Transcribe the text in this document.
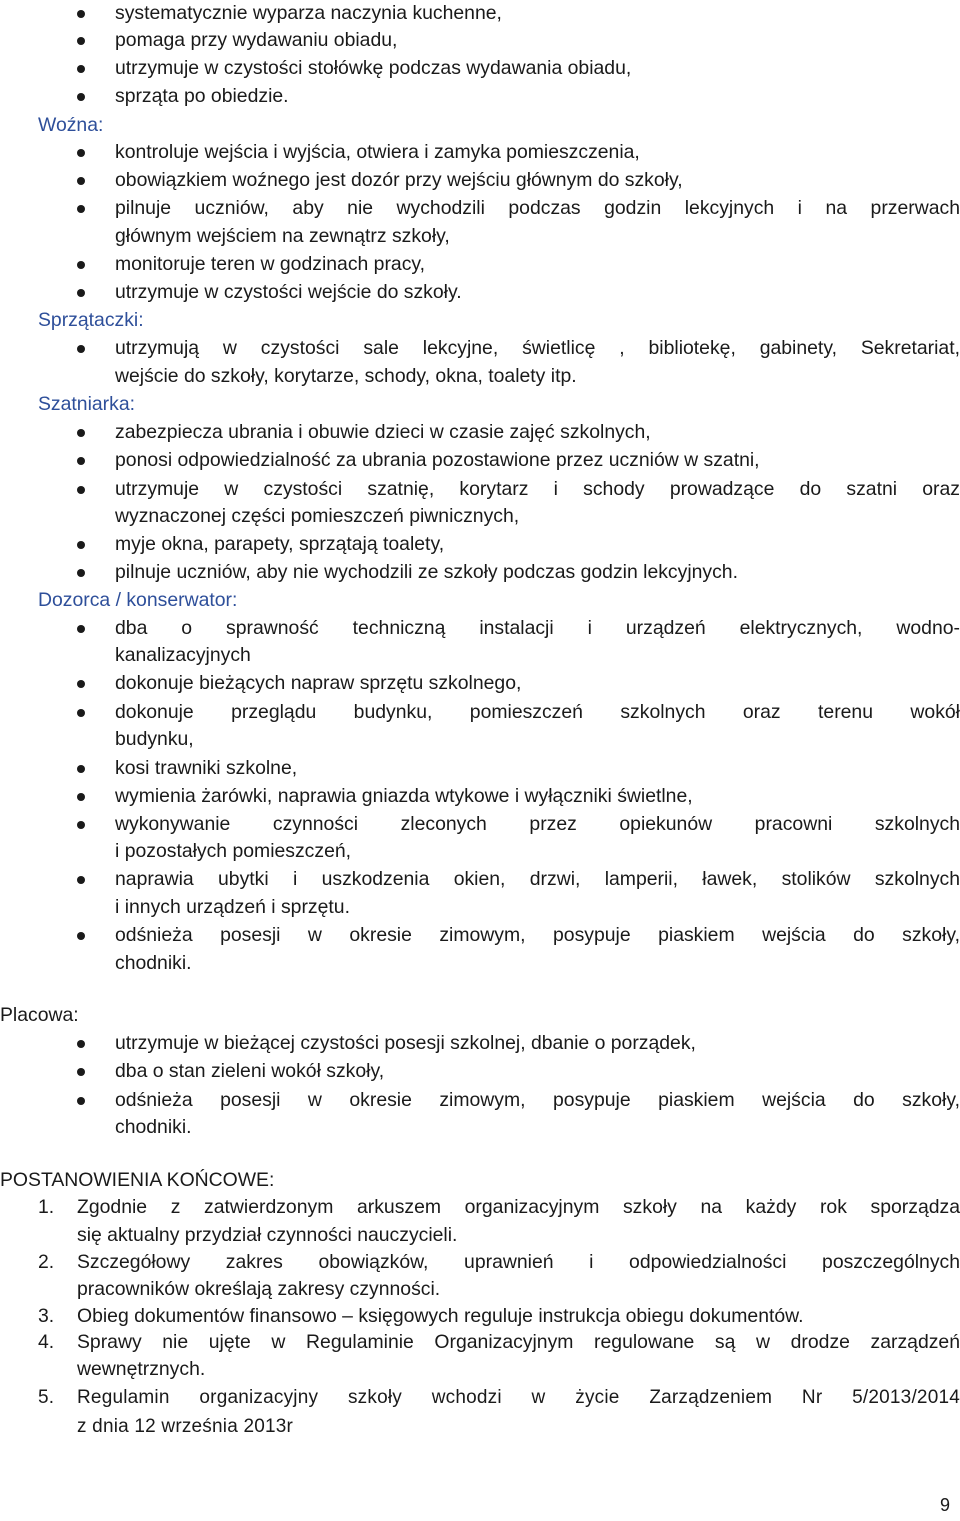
systematycznie wyparza naczynia kuchenne,
pomaga przy wydawaniu obiadu,
utrzymuje w czystości stołówkę podczas wydawania obiadu,
sprząta po obiedzie.
Woźna:
kontroluje wejścia i wyjścia, otwiera i zamyka pomieszczenia,
obowiązkiem woźnego jest dozór przy wejściu głównym do szkoły,
pilnuje uczniów, aby nie wychodzili podczas godzin lekcyjnych i na przerwach
głównym wejściem na zewnątrz szkoły,
monitoruje teren w godzinach pracy,
utrzymuje w czystości wejście do szkoły.
Sprzątaczki:
utrzymują w czystości sale lekcyjne, świetlicę , bibliotekę, gabinety, Sekretariat,
wejście do szkoły, korytarze, schody, okna, toalety itp.
Szatniarka:
zabezpiecza ubrania i obuwie dzieci w czasie zajęć szkolnych,
ponosi odpowiedzialność za ubrania pozostawione przez uczniów w szatni,
utrzymuje w czystości szatnię, korytarz i schody prowadzące do szatni oraz
wyznaczonej części pomieszczeń piwnicznych,
myje okna, parapety, sprzątają toalety,
pilnuje uczniów, aby nie wychodzili ze szkoły podczas godzin lekcyjnych.
Dozorca / konserwator:
dba o sprawność techniczną instalacji i urządzeń elektrycznych, wodno-
kanalizacyjnych
dokonuje bieżących napraw sprzętu szkolnego,
dokonuje przeglądu budynku, pomieszczeń szkolnych oraz terenu wokół
budynku,
kosi trawniki szkolne,
wymienia żarówki, naprawia gniazda wtykowe i wyłączniki świetlne,
wykonywanie czynności zleconych przez opiekunów pracowni szkolnych
i pozostałych pomieszczeń,
naprawia ubytki i uszkodzenia okien, drzwi, lamperii, ławek, stolików szkolnych
i innych urządzeń i sprzętu.
odśnieża posesji w okresie zimowym, posypuje piaskiem wejścia do szkoły,
chodniki.
Placowa:
utrzymuje w bieżącej czystości posesji szkolnej, dbanie o porządek,
dba o stan zieleni wokół szkoły,
odśnieża posesji w okresie zimowym, posypuje piaskiem wejścia do szkoły,
chodniki.
POSTANOWIENIA KOŃCOWE:
1. Zgodnie z zatwierdzonym arkuszem organizacyjnym szkoły na każdy rok sporządza
się aktualny przydział czynności nauczycieli.
2. Szczegółowy zakres obowiązków, uprawnień i odpowiedzialności poszczególnych
pracowników określają zakresy czynności.
3. Obieg dokumentów finansowo – księgowych reguluje instrukcja obiegu dokumentów.
4. Sprawy nie ujęte w Regulaminie Organizacyjnym regulowane są w drodze zarządzeń
wewnętrznych.
5. Regulamin organizacyjny szkoły wchodzi w życie Zarządzeniem Nr 5/2013/2014
z dnia 12 września 2013r
9
